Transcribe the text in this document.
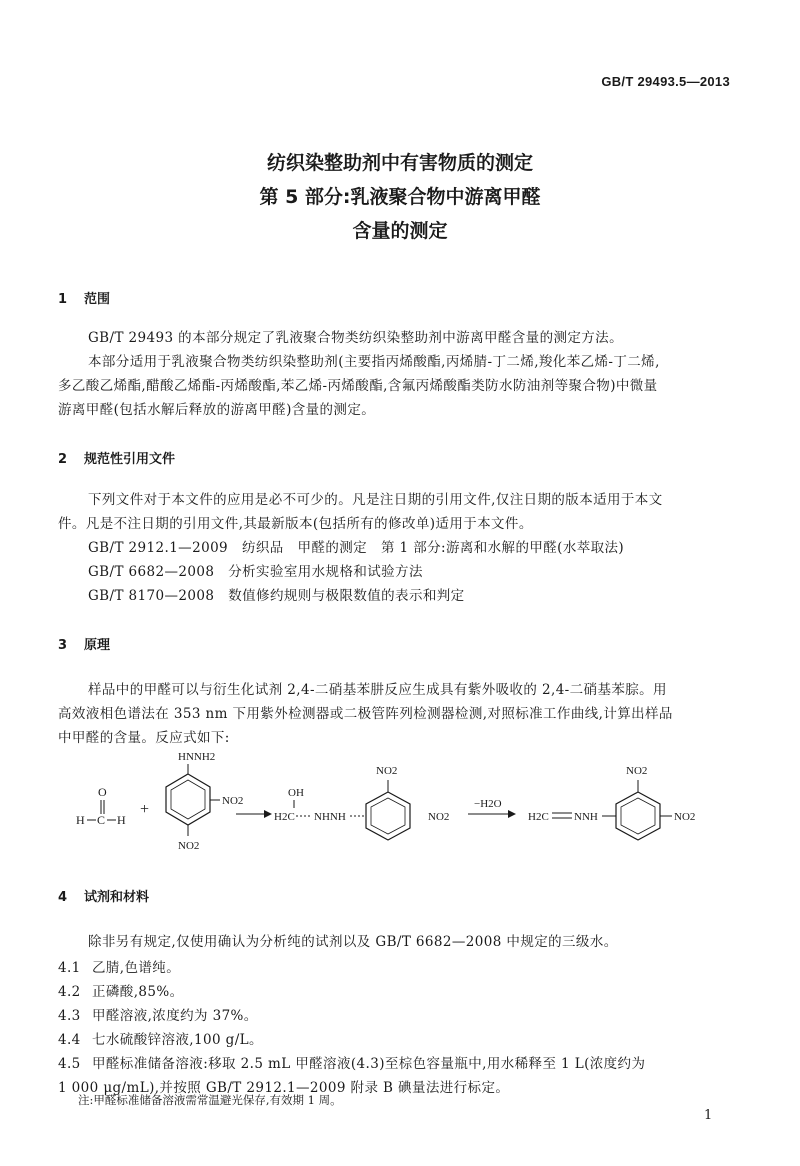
GB/T 29493.5—2013
纺织染整助剂中有害物质的测定
第 5 部分:乳液聚合物中游离甲醛
含量的测定
1 范围
GB/T 29493 的本部分规定了乳液聚合物类纺织染整助剂中游离甲醛含量的测定方法。
本部分适用于乳液聚合物类纺织染整助剂(主要指丙烯酸酯,丙烯腈-丁二烯,羧化苯乙烯-丁二烯,
多乙酸乙烯酯,醋酸乙烯酯-丙烯酸酯,苯乙烯-丙烯酸酯,含氟丙烯酸酯类防水防油剂等聚合物)中微量
游离甲醛(包括水解后释放的游离甲醛)含量的测定。
2 规范性引用文件
下列文件对于本文件的应用是必不可少的。凡是注日期的引用文件,仅注日期的版本适用于本文
件。凡是不注日期的引用文件,其最新版本(包括所有的修改单)适用于本文件。
GB/T 2912.1—2009　纺织品　甲醛的测定　第 1 部分:游离和水解的甲醛(水萃取法)
GB/T 6682—2008　分析实验室用水规格和试验方法
GB/T 8170—2008　数值修约规则与极限数值的表示和判定
3 原理
样品中的甲醛可以与衍生化试剂 2,4-二硝基苯肼反应生成具有紫外吸收的 2,4-二硝基苯腙。用
高效液相色谱法在 353 nm 下用紫外检测器或二极管阵列检测器检测,对照标准工作曲线,计算出样品
中甲醛的含量。反应式如下:
O
H C H
+
HNNH2
NO2
NO2
OH
H2C NHNH
NO2
NO2
−H2O
H2C NNH
NO2
NO2
4 试剂和材料
除非另有规定,仅使用确认为分析纯的试剂以及 GB/T 6682—2008 中规定的三级水。
4.1 乙腈,色谱纯。
4.2 正磷酸,85%。
4.3 甲醛溶液,浓度约为 37%。
4.4 七水硫酸锌溶液,100 g/L。
4.5 甲醛标准储备溶液:移取 2.5 mL 甲醛溶液(4.3)至棕色容量瓶中,用水稀释至 1 L(浓度约为
1 000 μg/mL),并按照 GB/T 2912.1—2009 附录 B 碘量法进行标定。
注:甲醛标准储备溶液需常温避光保存,有效期 1 周。
1
